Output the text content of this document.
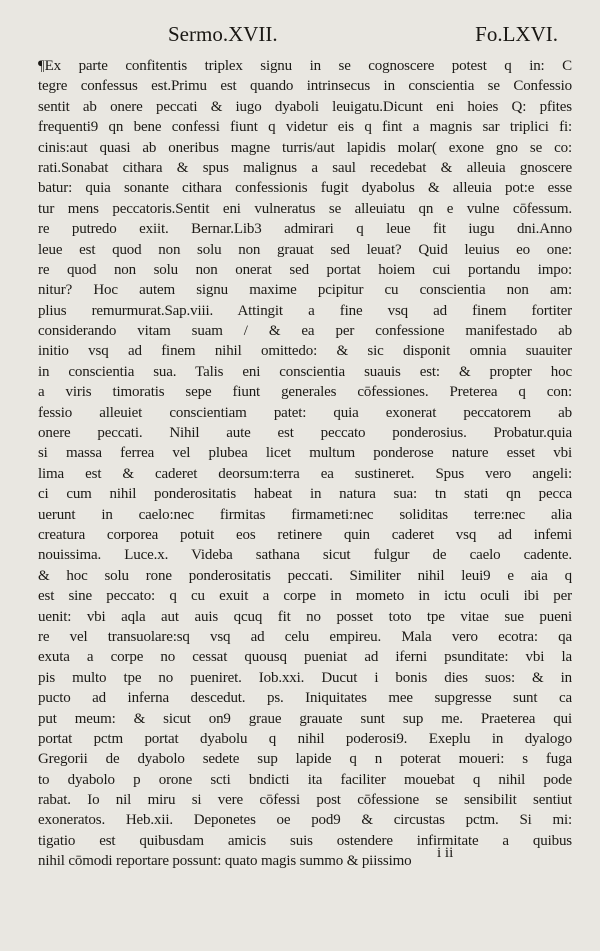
Sermo.XVII.	Fo.LXVI.
¶Ex parte confitentis triplex signu in se cognoscere potest q in: C
tegre confessus est.Primu est quando intrinsecus in conscientia se Confessio
sentit ab onere peccati & iugo dyaboli leuigatu.Dicunt eni hoies Q: pfites
frequenti9 qn bene confessi fiunt q videtur eis q fint a magnis sar triplici fi:
cinis:aut quasi ab oneribus magne turris/aut lapidis molar( exone gno se co:
rati.Sonabat cithara & spus malignus a saul recedebat & alleuia gnoscere
batur: quia sonante cithara confessionis fugit dyabolus & alleuia pot:e esse
tur mens peccatoris.Sentit eni vulneratus se alleuiatu qn e vulne cōfessum.
re putredo exiit. Bernar.Lib3 admirari q leue fit iugu dni.Anno
leue est quod non solu non grauat sed leuat? Quid leuius eo one:
re quod non solu non onerat sed portat hoiem cui portandu impo:
nitur? Hoc autem signu maxime pcipitur cu conscientia non am:
plius remurmurat.Sap.viii. Attingit a fine vsq ad finem fortiter
considerando vitam suam / & ea per confessione manifestado ab
initio vsq ad finem nihil omittedo: & sic disponit omnia suauiter
in conscientia sua. Talis eni conscientia suauis est: & propter hoc
a viris timoratis sepe fiunt generales cōfessiones. Preterea q con:
fessio alleuiet conscientiam patet: quia exonerat peccatorem ab
onere peccati. Nihil aute est peccato ponderosius. Probatur.quia
si massa ferrea vel plubea licet multum ponderose nature esset vbi
lima est & caderet deorsum:terra ea sustineret. Spus vero angeli:
ci cum nihil ponderositatis habeat in natura sua: tn stati qn pecca
uerunt in caelo:nec firmitas firmameti:nec soliditas terre:nec alia
creatura corporea potuit eos retinere quin caderet vsq ad infemi
nouissima. Luce.x. Videba sathana sicut fulgur de caelo cadente.
& hoc solu rone ponderositatis peccati. Similiter nihil leui9 e aia q
est sine peccato: q cu exuit a corpe in mometo in ictu oculi ibi per
uenit: vbi aqla aut auis qcuq fit no posset toto tpe vitae sue pueni
re vel transuolare:sq vsq ad celu empireu. Mala vero ecotra: qa
exuta a corpe no cessat quousq pueniat ad iferni psunditate: vbi la
pis multo tpe no pueniret. Iob.xxi. Ducut i bonis dies suos: & in
pucto ad inferna descedut. ps. Iniquitates mee supgresse sunt ca
put meum: & sicut on9 graue grauate sunt sup me. Praeterea qui
portat pctm portat dyabolu q nihil poderosi9. Exeplu in dyalogo
Gregorii de dyabolo sedete sup lapide q n poterat moueri: s fuga
to dyabolo p orone scti bndicti ita faciliter mouebat q nihil pode
rabat. Io nil miru si vere cōfessi post cōfessione se sensibilit sentiut
exoneratos. Heb.xii. Deponetes oe pod9 & circustas pctm. Si mi:
tigatio est quibusdam amicis suis ostendere infirmitate a quibus
nihil cōmodi reportare possunt: quato magis summo & piissimo
i ii
